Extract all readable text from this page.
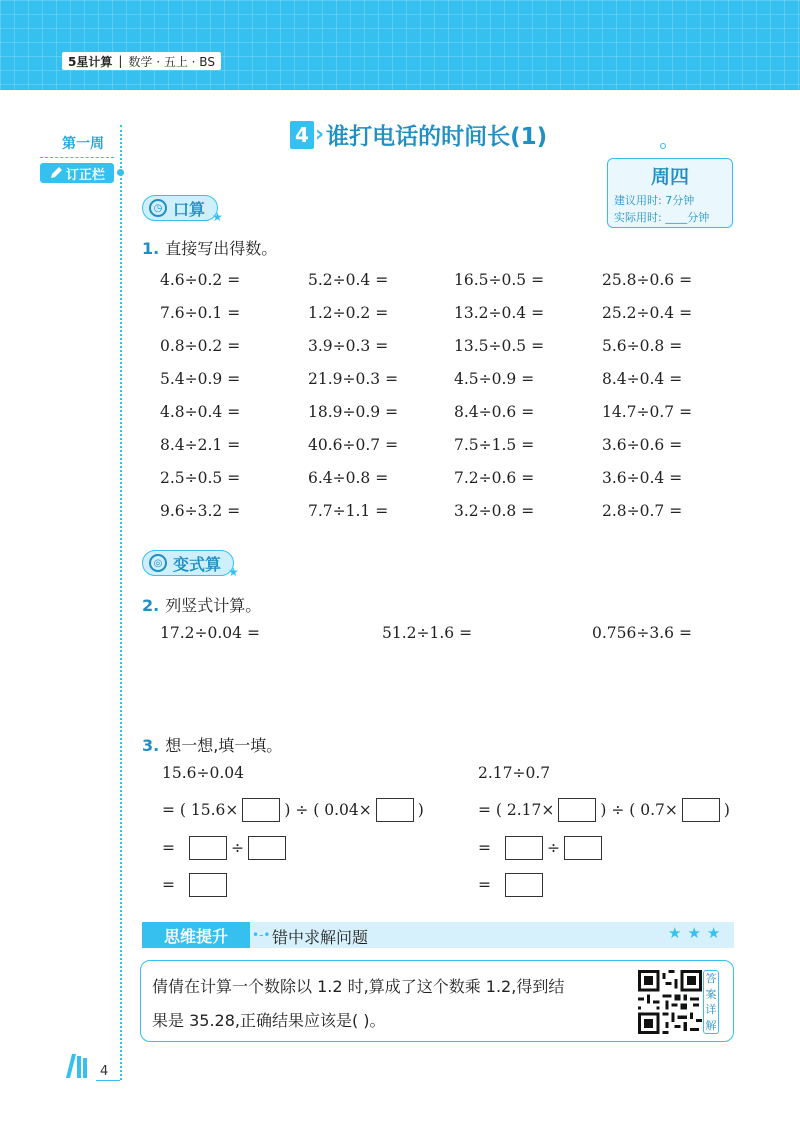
5星计算 | 数学 · 五上 · BS
第一周
订正栏
4 › 谁打电话的时间长(1)
周四
建议用时: 7分钟
实际用时: ____分钟
◷ 口算 ★
1. 直接写出得数。
4.6÷0.2 =	5.2÷0.4 =	16.5÷0.5 =	25.8÷0.6 =
7.6÷0.1 =	1.2÷0.2 =	13.2÷0.4 =	25.2÷0.4 =
0.8÷0.2 =	3.9÷0.3 =	13.5÷0.5 =	5.6÷0.8 =
5.4÷0.9 =	21.9÷0.3 =	4.5÷0.9 =	8.4÷0.4 =
4.8÷0.4 =	18.9÷0.9 =	8.4÷0.6 =	14.7÷0.7 =
8.4÷2.1 =	40.6÷0.7 =	7.5÷1.5 =	3.6÷0.6 =
2.5÷0.5 =	6.4÷0.8 =	7.2÷0.6 =	3.6÷0.4 =
9.6÷3.2 =	7.7÷1.1 =	3.2÷0.8 =	2.8÷0.7 =
◎ 变式算 ★
2. 列竖式计算。
17.2÷0.04 =	51.2÷1.6 =	0.756÷3.6 =
3. 想一想,填一填。
15.6÷0.04
= ( 15.6×	) ÷ ( 0.04×	)
=	÷
=
2.17÷0.7
= ( 2.17×	) ÷ ( 0.7×	)
=	÷
=
思维提升	•-• 错中求解问题	★★★
倩倩在计算一个数除以 1.2 时,算成了这个数乘 1.2,得到结
果是 35.28,正确结果应该是( )。
答
案
详
解
4
